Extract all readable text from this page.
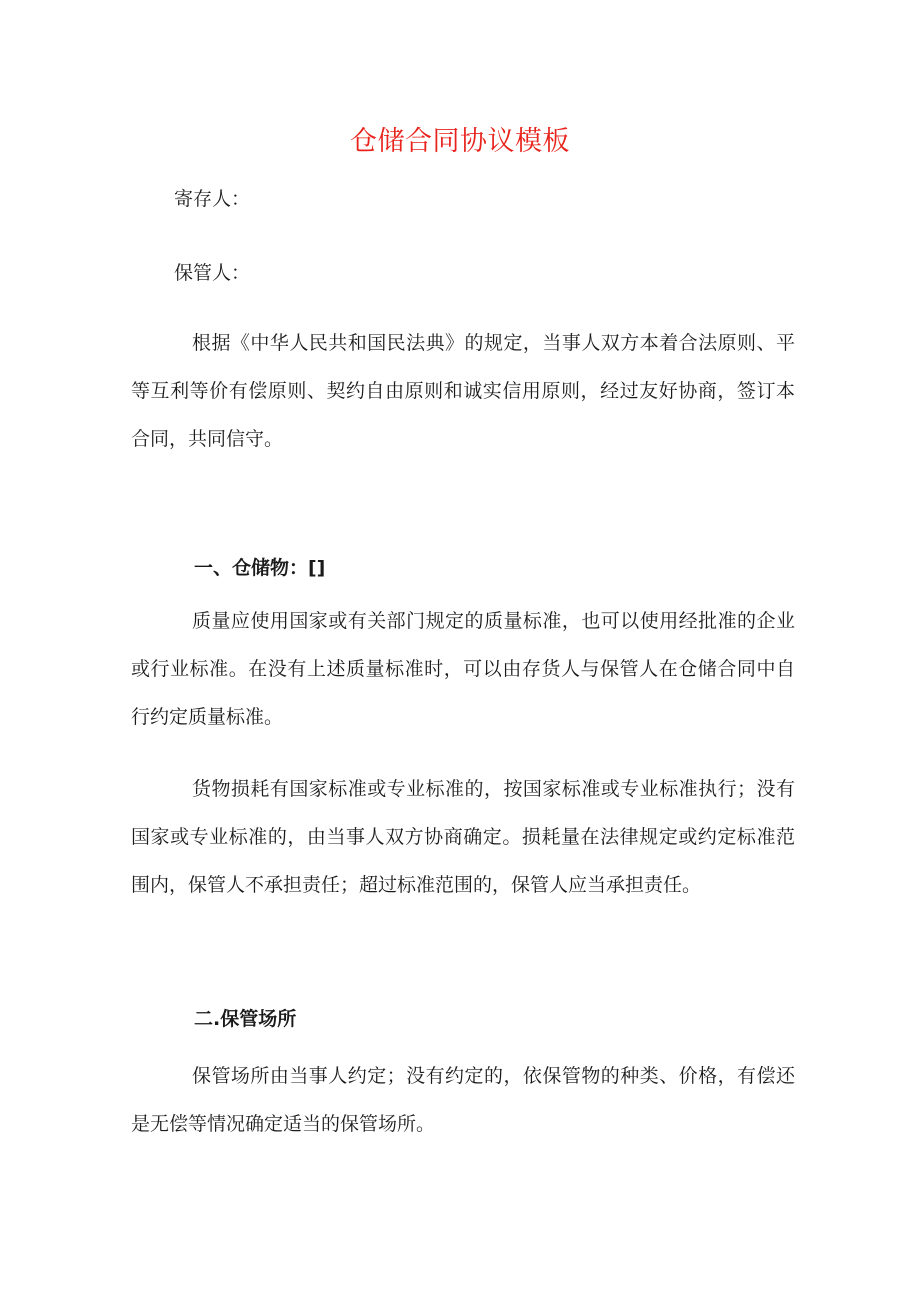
仓储合同协议模板

寄存人：

保管人：

根据《中华人民共和国民法典》的规定，当事人双方本着合法原则、平等互利等价有偿原则、契约自由原则和诚实信用原则，经过友好协商，签订本合同，共同信守。

一、仓储物：[]

质量应使用国家或有关部门规定的质量标准，也可以使用经批准的企业或行业标准。在没有上述质量标准时，可以由存货人与保管人在仓储合同中自行约定质量标准。

货物损耗有国家标准或专业标准的，按国家标准或专业标准执行；没有国家或专业标准的，由当事人双方协商确定。损耗量在法律规定或约定标准范围内，保管人不承担责任；超过标准范围的，保管人应当承担责任。

二.保管场所

保管场所由当事人约定；没有约定的，依保管物的种类、价格，有偿还是无偿等情况确定适当的保管场所。
